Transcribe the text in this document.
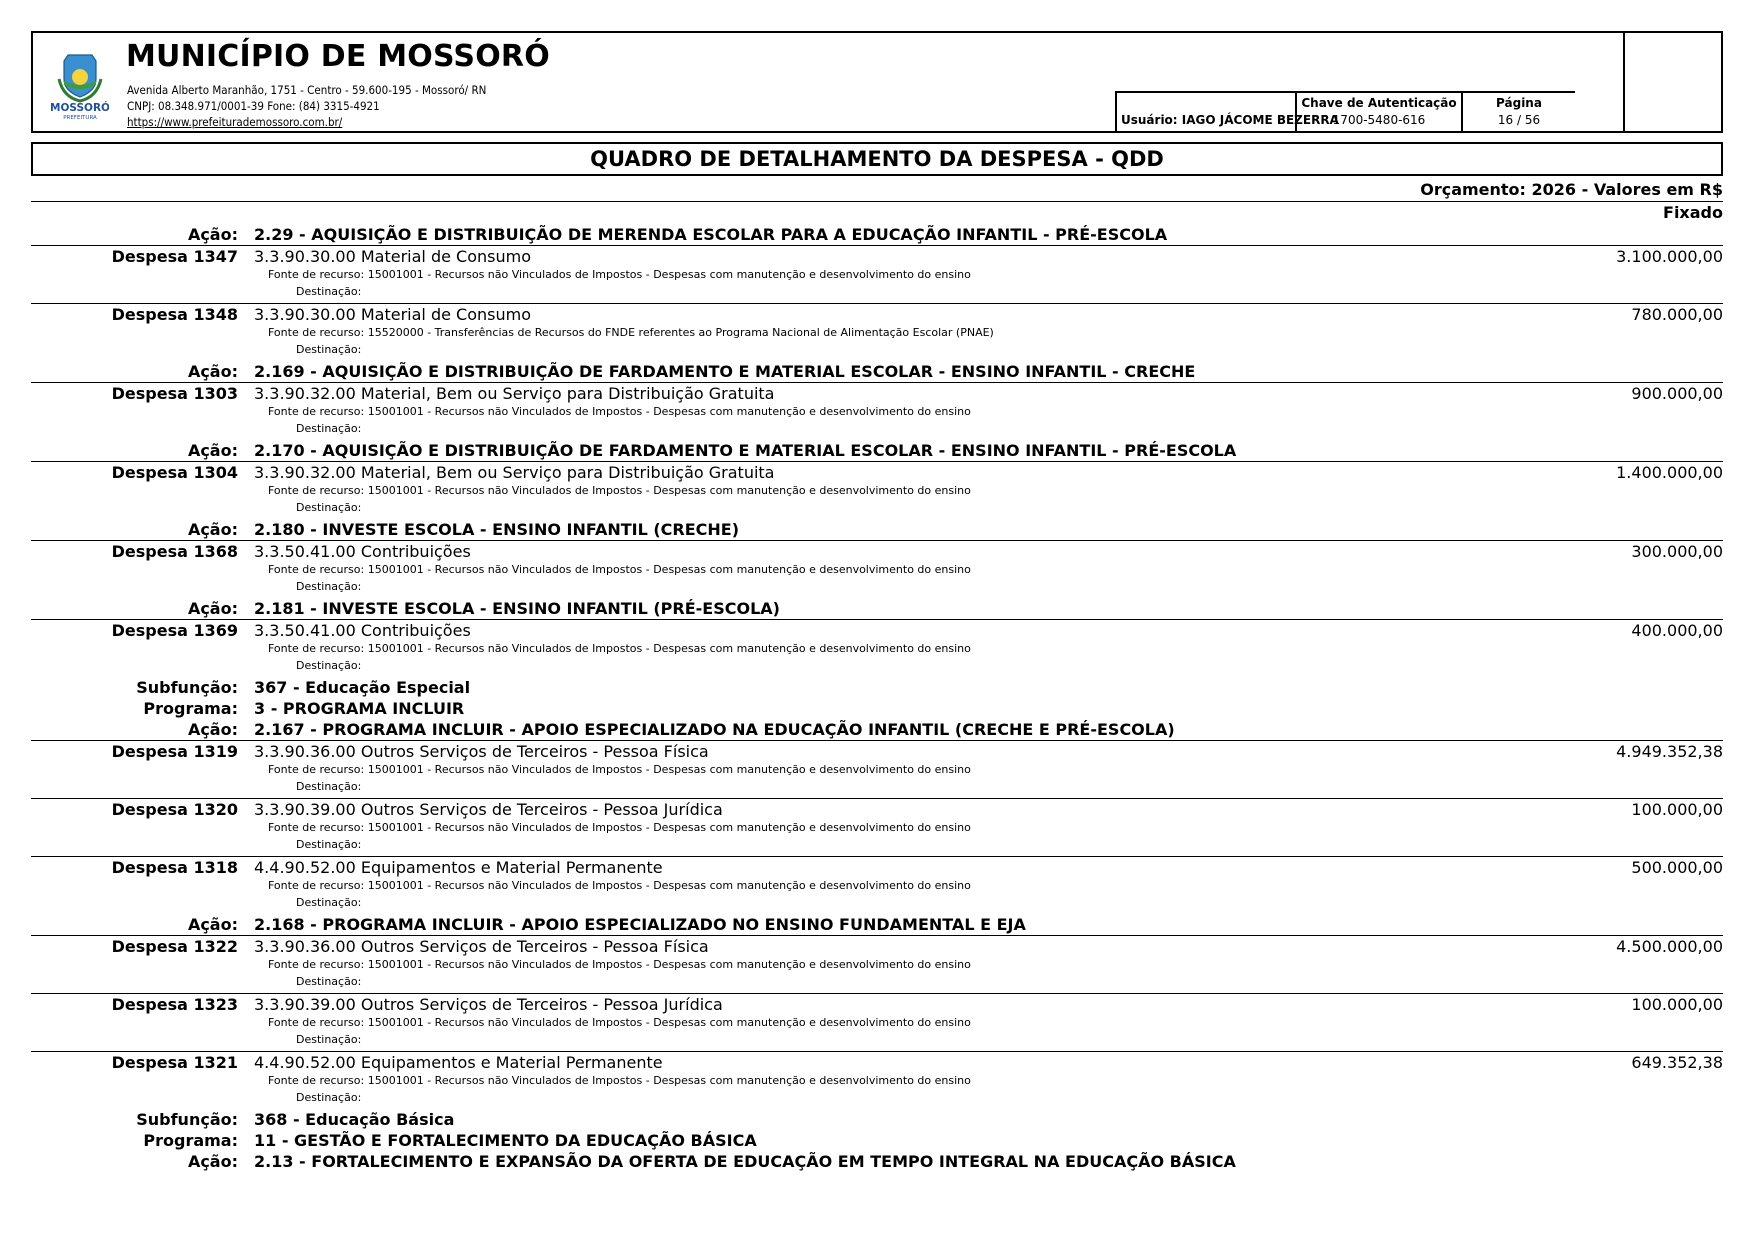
MOSSORÓ
PREFEITURA
MUNICÍPIO DE MOSSORÓ
Avenida Alberto Maranhão, 1751 - Centro - 59.600-195 - Mossoró/ RN
CNPJ: 08.348.971/0001-39 Fone: (84) 3315-4921
https://www.prefeiturademossoro.com.br/	Usuário: IAGO JÁCOME BEZERRA
Chave de Autenticação
1700-5480-616
Página
16 / 56
QUADRO DE DETALHAMENTO DA DESPESA - QDD
Orçamento: 2026 - Valores em R$
Fixado
Ação: 2.29 - AQUISIÇÃO E DISTRIBUIÇÃO DE MERENDA ESCOLAR PARA A EDUCAÇÃO INFANTIL - PRÉ-ESCOLA
Despesa 1347 3.3.90.30.00 Material de Consumo	3.100.000,00
Fonte de recurso: 15001001 - Recursos não Vinculados de Impostos - Despesas com manutenção e desenvolvimento do ensino
Destinação:
Despesa 1348 3.3.90.30.00 Material de Consumo	780.000,00
Fonte de recurso: 15520000 - Transferências de Recursos do FNDE referentes ao Programa Nacional de Alimentação Escolar (PNAE)
Destinação:
Ação: 2.169 - AQUISIÇÃO E DISTRIBUIÇÃO DE FARDAMENTO E MATERIAL ESCOLAR - ENSINO INFANTIL - CRECHE
Despesa 1303 3.3.90.32.00 Material, Bem ou Serviço para Distribuição Gratuita	900.000,00
Fonte de recurso: 15001001 - Recursos não Vinculados de Impostos - Despesas com manutenção e desenvolvimento do ensino
Destinação:
Ação: 2.170 - AQUISIÇÃO E DISTRIBUIÇÃO DE FARDAMENTO E MATERIAL ESCOLAR - ENSINO INFANTIL - PRÉ-ESCOLA
Despesa 1304 3.3.90.32.00 Material, Bem ou Serviço para Distribuição Gratuita	1.400.000,00
Fonte de recurso: 15001001 - Recursos não Vinculados de Impostos - Despesas com manutenção e desenvolvimento do ensino
Destinação:
Ação: 2.180 - INVESTE ESCOLA - ENSINO INFANTIL (CRECHE)
Despesa 1368 3.3.50.41.00 Contribuições	300.000,00
Fonte de recurso: 15001001 - Recursos não Vinculados de Impostos - Despesas com manutenção e desenvolvimento do ensino
Destinação:
Ação: 2.181 - INVESTE ESCOLA - ENSINO INFANTIL (PRÉ-ESCOLA)
Despesa 1369 3.3.50.41.00 Contribuições	400.000,00
Fonte de recurso: 15001001 - Recursos não Vinculados de Impostos - Despesas com manutenção e desenvolvimento do ensino
Destinação:
Subfunção: 367 - Educação Especial
Programa: 3 - PROGRAMA INCLUIR
Ação: 2.167 - PROGRAMA INCLUIR - APOIO ESPECIALIZADO NA EDUCAÇÃO INFANTIL (CRECHE E PRÉ-ESCOLA)
Despesa 1319 3.3.90.36.00 Outros Serviços de Terceiros - Pessoa Física	4.949.352,38
Fonte de recurso: 15001001 - Recursos não Vinculados de Impostos - Despesas com manutenção e desenvolvimento do ensino
Destinação:
Despesa 1320 3.3.90.39.00 Outros Serviços de Terceiros - Pessoa Jurídica	100.000,00
Fonte de recurso: 15001001 - Recursos não Vinculados de Impostos - Despesas com manutenção e desenvolvimento do ensino
Destinação:
Despesa 1318 4.4.90.52.00 Equipamentos e Material Permanente	500.000,00
Fonte de recurso: 15001001 - Recursos não Vinculados de Impostos - Despesas com manutenção e desenvolvimento do ensino
Destinação:
Ação: 2.168 - PROGRAMA INCLUIR - APOIO ESPECIALIZADO NO ENSINO FUNDAMENTAL E EJA
Despesa 1322 3.3.90.36.00 Outros Serviços de Terceiros - Pessoa Física	4.500.000,00
Fonte de recurso: 15001001 - Recursos não Vinculados de Impostos - Despesas com manutenção e desenvolvimento do ensino
Destinação:
Despesa 1323 3.3.90.39.00 Outros Serviços de Terceiros - Pessoa Jurídica	100.000,00
Fonte de recurso: 15001001 - Recursos não Vinculados de Impostos - Despesas com manutenção e desenvolvimento do ensino
Destinação:
Despesa 1321 4.4.90.52.00 Equipamentos e Material Permanente	649.352,38
Fonte de recurso: 15001001 - Recursos não Vinculados de Impostos - Despesas com manutenção e desenvolvimento do ensino
Destinação:
Subfunção: 368 - Educação Básica
Programa: 11 - GESTÃO E FORTALECIMENTO DA EDUCAÇÃO BÁSICA
Ação: 2.13 - FORTALECIMENTO E EXPANSÃO DA OFERTA DE EDUCAÇÃO EM TEMPO INTEGRAL NA EDUCAÇÃO BÁSICA
